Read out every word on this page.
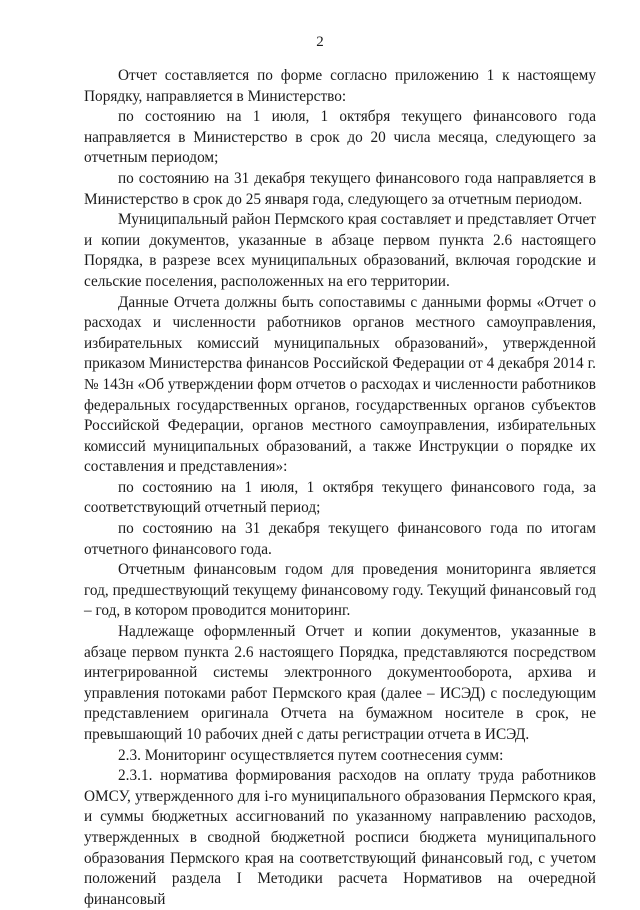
2

Отчет составляется по форме согласно приложению 1 к настоящему Порядку, направляется в Министерство:

по состоянию на 1 июля, 1 октября текущего финансового года направляется в Министерство в срок до 20 числа месяца, следующего за отчетным периодом;

по состоянию на 31 декабря текущего финансового года направляется в Министерство в срок до 25 января года, следующего за отчетным периодом.

Муниципальный район Пермского края составляет и представляет Отчет и копии документов, указанные в абзаце первом пункта 2.6 настоящего Порядка, в разрезе всех муниципальных образований, включая городские и сельские поселения, расположенных на его территории.

Данные Отчета должны быть сопоставимы с данными формы «Отчет о расходах и численности работников органов местного самоуправления, избирательных комиссий муниципальных образований», утвержденной приказом Министерства финансов Российской Федерации от 4 декабря 2014 г. № 143н «Об утверждении форм отчетов о расходах и численности работников федеральных государственных органов, государственных органов субъектов Российской Федерации, органов местного самоуправления, избирательных комиссий муниципальных образований, а также Инструкции о порядке их составления и представления»:

по состоянию на 1 июля, 1 октября текущего финансового года, за соответствующий отчетный период;

по состоянию на 31 декабря текущего финансового года по итогам отчетного финансового года.

Отчетным финансовым годом для проведения мониторинга является год, предшествующий текущему финансовому году. Текущий финансовый год – год, в котором проводится мониторинг.

Надлежаще оформленный Отчет и копии документов, указанные в абзаце первом пункта 2.6 настоящего Порядка, представляются посредством интегрированной системы электронного документооборота, архива и управления потоками работ Пермского края (далее – ИСЭД) с последующим представлением оригинала Отчета на бумажном носителе в срок, не превышающий 10 рабочих дней с даты регистрации отчета в ИСЭД.

2.3. Мониторинг осуществляется путем соотнесения сумм:

2.3.1. норматива формирования расходов на оплату труда работников ОМСУ, утвержденного для i-го муниципального образования Пермского края, и суммы бюджетных ассигнований по указанному направлению расходов, утвержденных в сводной бюджетной росписи бюджета муниципального образования Пермского края на соответствующий финансовый год, с учетом положений раздела I Методики расчета Нормативов на очередной финансовый
